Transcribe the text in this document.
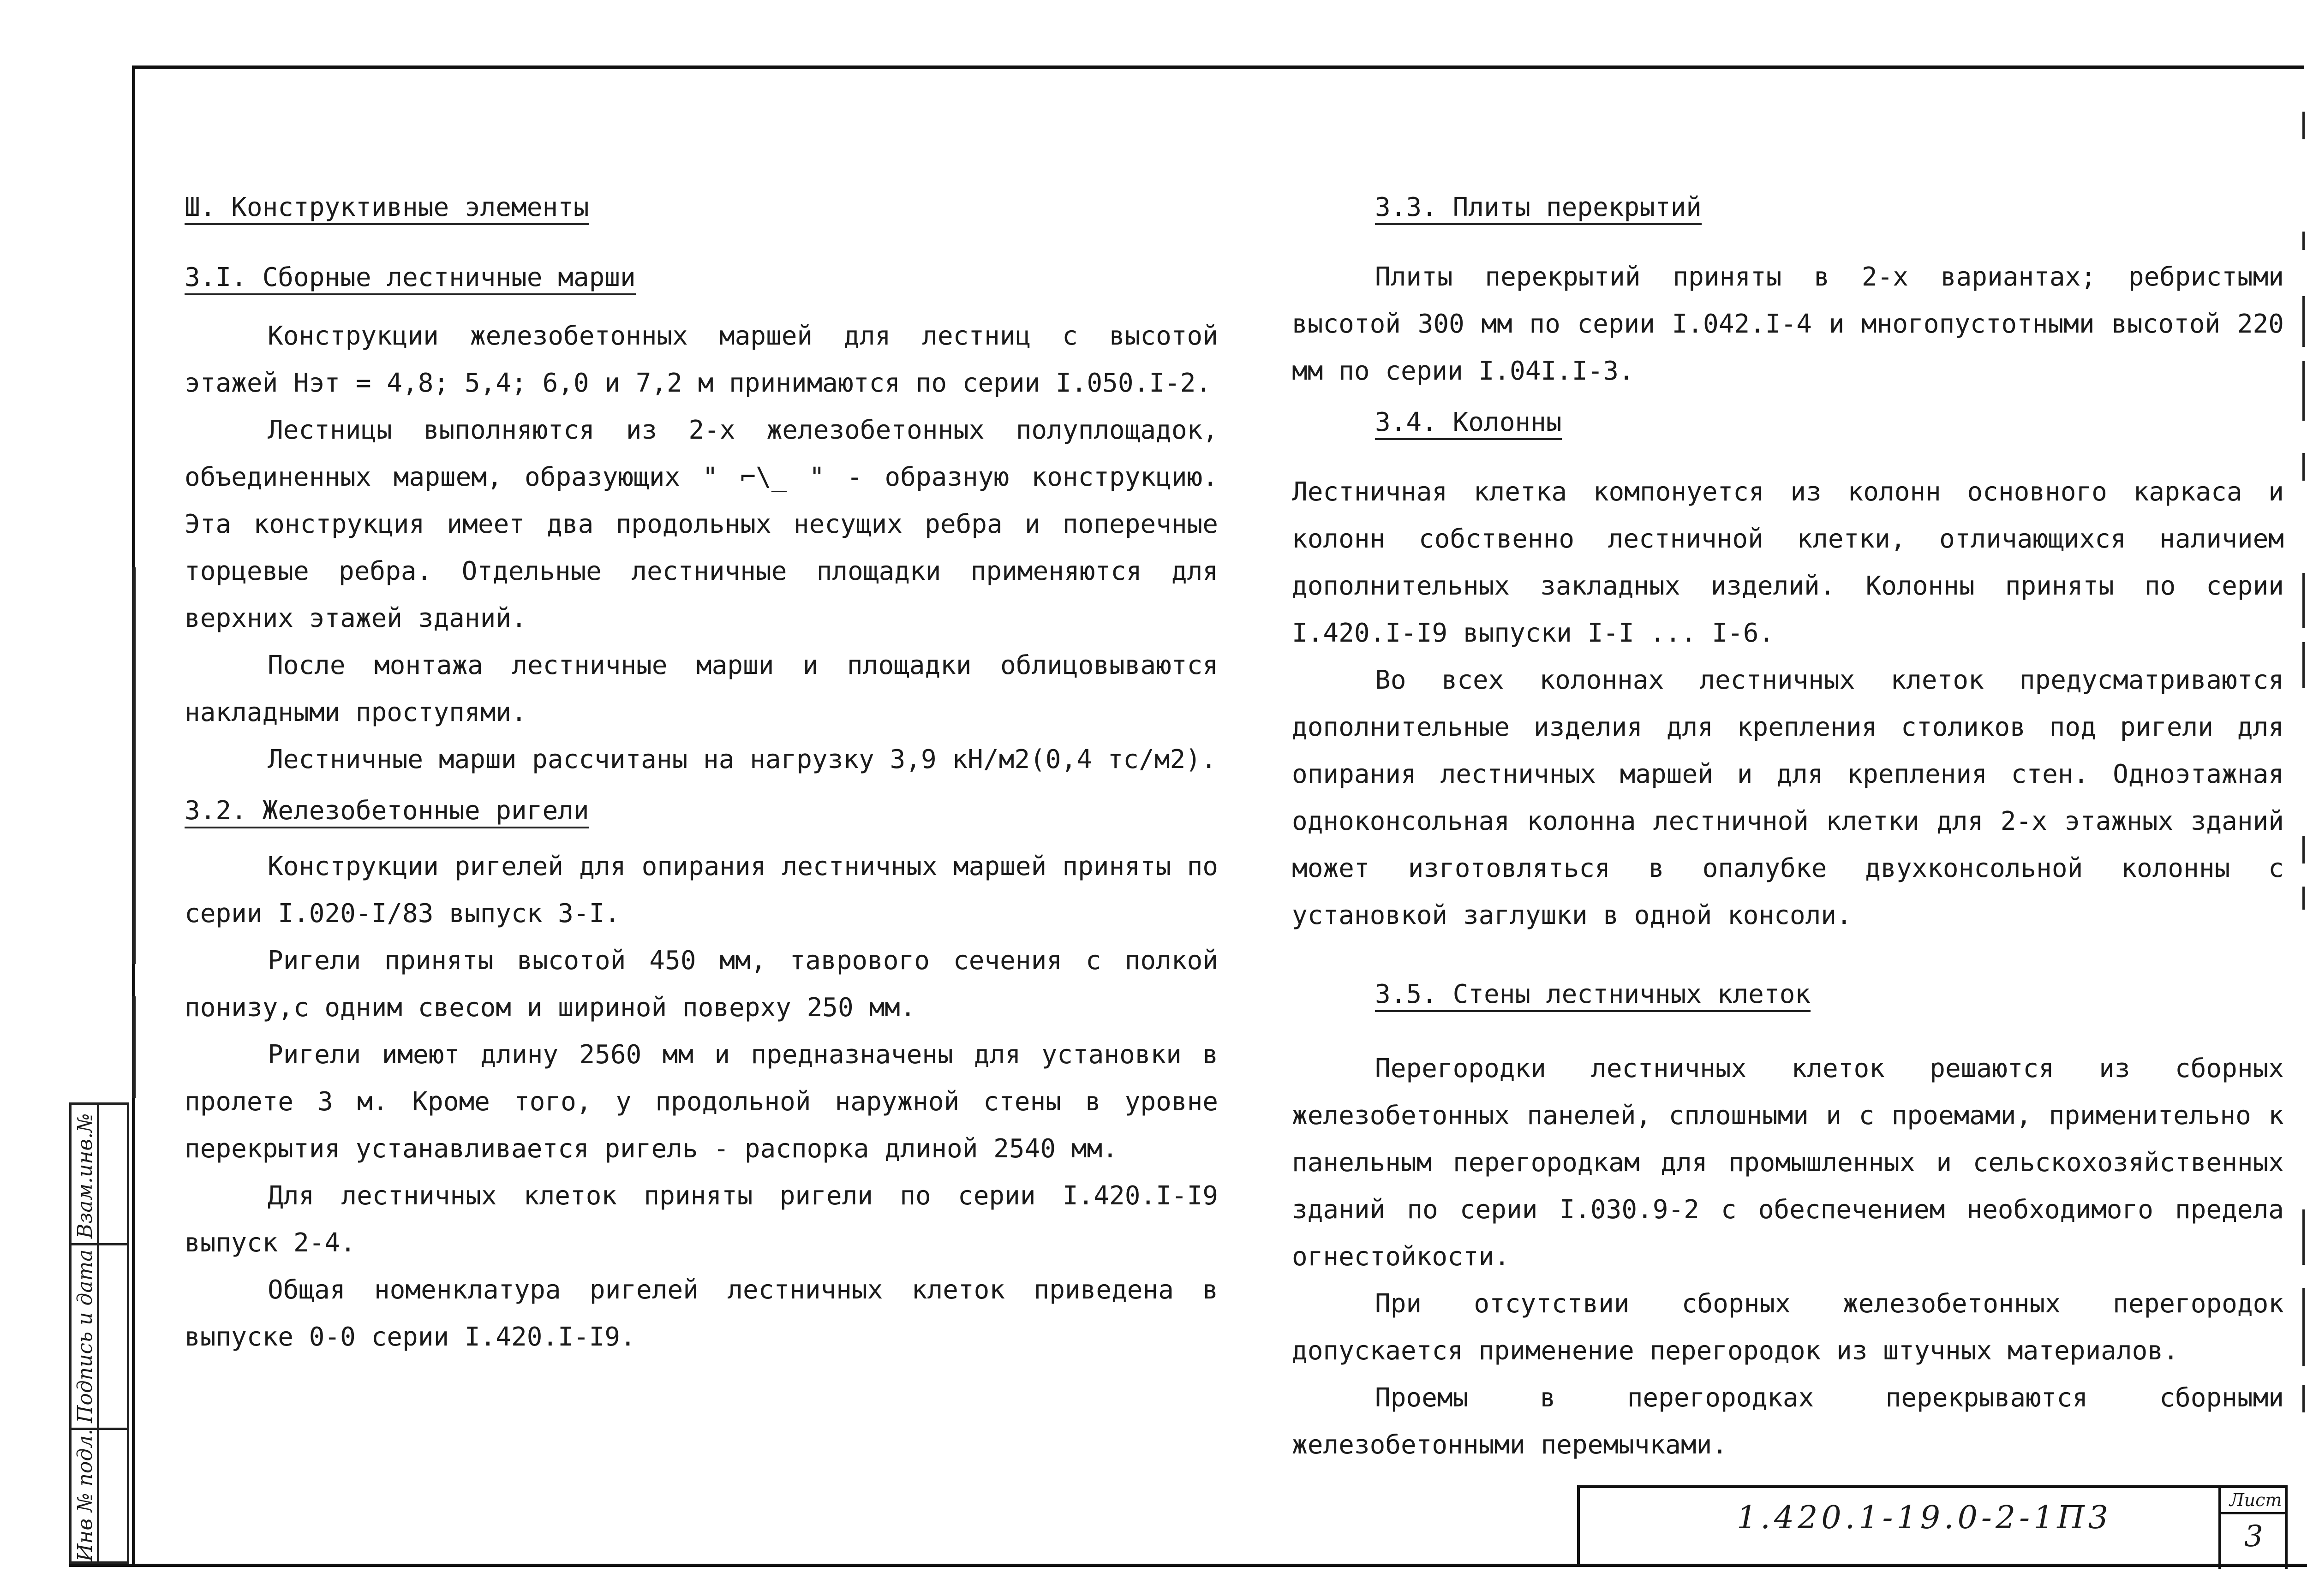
Ш. Конструктивные элементы

3.I. Сборные лестничные марши

Конструкции железобетонных маршей для лестниц с высотой этажей Нэт = 4,8; 5,4; 6,0 и 7,2 м принимаются по серии I.050.I-2.

Лестницы выполняются из 2-х железобетонных полуплощадок, объединенных маршем, образующих " ⌐\_ " - образную конструкцию. Эта конструкция имеет два продольных несущих ребра и поперечные торцевые ребра. Отдельные лестничные площадки применяются для верхних этажей зданий.

После монтажа лестничные марши и площадки облицовываются накладными проступями.

Лестничные марши рассчитаны на нагрузку 3,9 кН/м2(0,4 тс/м2).

3.2. Железобетонные ригели

Конструкции ригелей для опирания лестничных маршей приняты по серии I.020-I/83 выпуск 3-I.

Ригели приняты высотой 450 мм, таврового сечения с полкой понизу,с одним свесом и шириной поверху 250 мм.

Ригели имеют длину 2560 мм и предназначены для установки в пролете 3 м. Кроме того, у продольной наружной стены в уровне перекрытия устанавливается ригель - распорка длиной 2540 мм.

Для лестничных клеток приняты ригели по серии I.420.I-I9 выпуск 2-4.

Общая номенклатура ригелей лестничных клеток приведена в выпуске 0-0 серии I.420.I-I9.

3.3. Плиты перекрытий

Плиты перекрытий приняты в 2-х вариантах; ребристыми высотой 300 мм по серии I.042.I-4 и многопустотными высотой 220 мм по серии I.04I.I-3.

3.4. Колонны

Лестничная клетка компонуется из колонн основного каркаса и колонн собственно лестничной клетки, отличающихся наличием дополнительных закладных изделий. Колонны приняты по серии I.420.I-I9 выпуски I-I ... I-6.

Во всех колоннах лестничных клеток предусматриваются дополнительные изделия для крепления столиков под ригели для опирания лестничных маршей и для крепления стен. Одноэтажная одноконсольная колонна лестничной клетки для 2-х этажных зданий может изготовляться в опалубке двухконсольной колонны с установкой заглушки в одной консоли.

3.5. Стены лестничных клеток

Перегородки лестничных клеток решаются из сборных железобетонных панелей, сплошными и с проемами, применительно к панельным перегородкам для промышленных и сельскохозяйственных зданий по серии I.030.9-2 с обеспечением необходимого предела огнестойкости.

При отсутствии сборных железобетонных перегородок допускается применение перегородок из штучных материалов.

Проемы в перегородках перекрываются сборными железобетонными перемычками.

Инв № подл.
Подпись и дата
Взам.инв.№
1.420.1-19.0-2-1П3	Лист
3
